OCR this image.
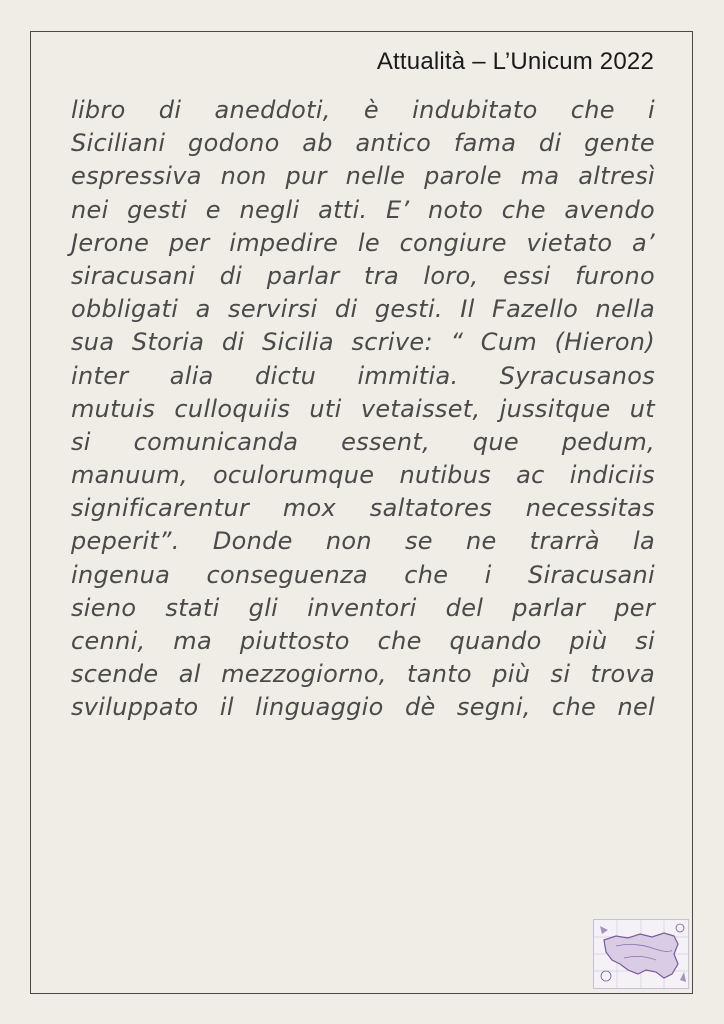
Attualità – L’Unicum 2022
libro di aneddoti, è indubitato che i
Siciliani godono ab antico fama di gente
espressiva non pur nelle parole ma altresì
nei gesti e negli atti. E’ noto che avendo
Jerone per impedire le congiure vietato a’
siracusani di parlar tra loro, essi furono
obbligati a servirsi di gesti. Il Fazello nella
sua Storia di Sicilia scrive: “ Cum (Hieron)
inter alia dictu immitia. Syracusanos
mutuis culloquiis uti vetaisset, jussitque ut
si comunicanda essent, que pedum,
manuum, oculorumque nutibus ac indiciis
significarentur mox saltatores necessitas
peperit”. Donde non se ne trarrà la
ingenua conseguenza che i Siracusani
sieno stati gli inventori del parlar per
cenni, ma piuttosto che quando più si
scende al mezzogiorno, tanto più si trova
sviluppato il linguaggio dè segni, che nel
